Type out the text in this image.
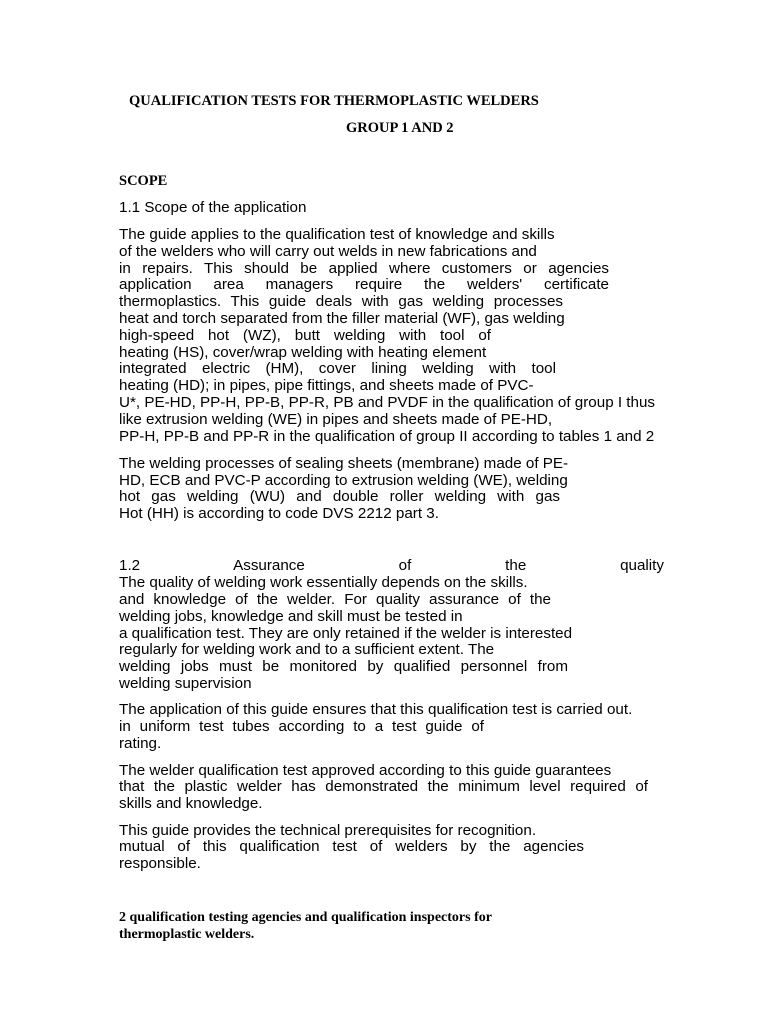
QUALIFICATION TESTS FOR THERMOPLASTIC WELDERS
GROUP 1 AND 2
SCOPE
1.1 Scope of the application
The guide applies to the qualification test of knowledge and skills
of the welders who will carry out welds in new fabrications and
in repairs. This should be applied where customers or agencies
application area managers require the welders' certificate
thermoplastics. This guide deals with gas welding processes
heat and torch separated from the filler material (WF), gas welding
high-speed hot (WZ), butt welding with tool of
heating (HS), cover/wrap welding with heating element
integrated electric (HM), cover lining welding with tool
heating (HD); in pipes, pipe fittings, and sheets made of PVC-
U*, PE-HD, PP-H, PP-B, PP-R, PB and PVDF in the qualification of group I thus
like extrusion welding (WE) in pipes and sheets made of PE-HD,
PP-H, PP-B and PP-R in the qualification of group II according to tables 1 and 2
The welding processes of sealing sheets (membrane) made of PE-
HD, ECB and PVC-P according to extrusion welding (WE), welding
hot gas welding (WU) and double roller welding with gas
Hot (HH) is according to code DVS 2212 part 3.
1.2 Assurance of the quality
The quality of welding work essentially depends on the skills.
and knowledge of the welder. For quality assurance of the
welding jobs, knowledge and skill must be tested in
a qualification test. They are only retained if the welder is interested
regularly for welding work and to a sufficient extent. The
welding jobs must be monitored by qualified personnel from
welding supervision
The application of this guide ensures that this qualification test is carried out.
in uniform test tubes according to a test guide of
rating.
The welder qualification test approved according to this guide guarantees
that the plastic welder has demonstrated the minimum level required of
skills and knowledge.
This guide provides the technical prerequisites for recognition.
mutual of this qualification test of welders by the agencies
responsible.
2 qualification testing agencies and qualification inspectors for
thermoplastic welders.
